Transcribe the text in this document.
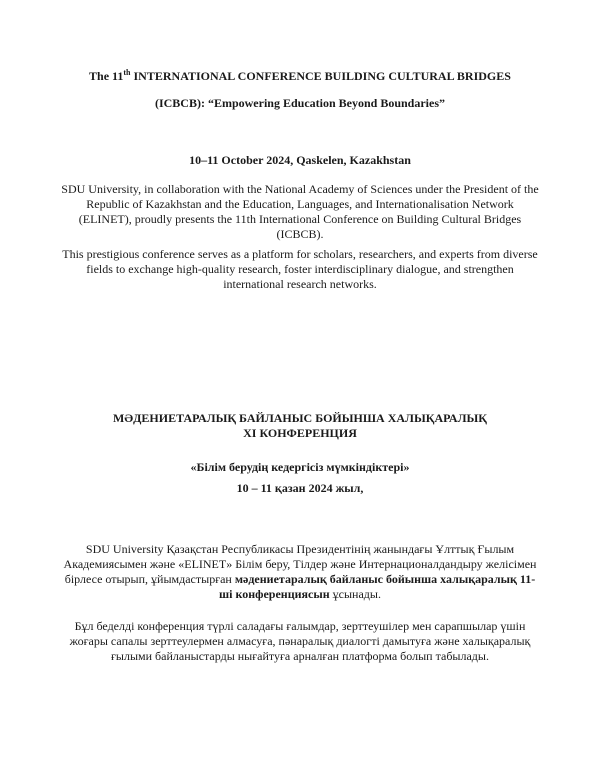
The 11th INTERNATIONAL CONFERENCE BUILDING CULTURAL BRIDGES

(ICBCB): “Empowering Education Beyond Boundaries”

10–11 October 2024, Qaskelen, Kazakhstan

SDU University, in collaboration with the National Academy of Sciences under the President of the Republic of Kazakhstan and the Education, Languages, and Internationalisation Network (ELINET), proudly presents the 11th International Conference on Building Cultural Bridges (ICBCB).

This prestigious conference serves as a platform for scholars, researchers, and experts from diverse fields to exchange high-quality research, foster interdisciplinary dialogue, and strengthen international research networks.

МӘДЕНИЕТАРАЛЫҚ БАЙЛАНЫС БОЙЫНША ХАЛЫҚАРАЛЫҚ

XI КОНФЕРЕНЦИЯ

«Білім берудің кедергісіз мүмкіндіктері»

10 – 11 қазан 2024 жыл,

SDU University Қазақстан Республикасы Президентінің жанындағы Ұлттық Ғылым Академиясымен және «ELINET» Білім беру, Тілдер және Интернационалдандыру желісімен бірлесе отырып, ұйымдастырған мәдениетаралық байланыс бойынша халықаралық 11-ші конференциясын ұсынады.

Бұл беделді конференция түрлі саладағы ғалымдар, зерттеушілер мен сарапшылар үшін жоғары сапалы зерттеулермен алмасуға, пәнаралық диалогті дамытуға және халықаралық ғылыми байланыстарды нығайтуға арналған платформа болып табылады.
